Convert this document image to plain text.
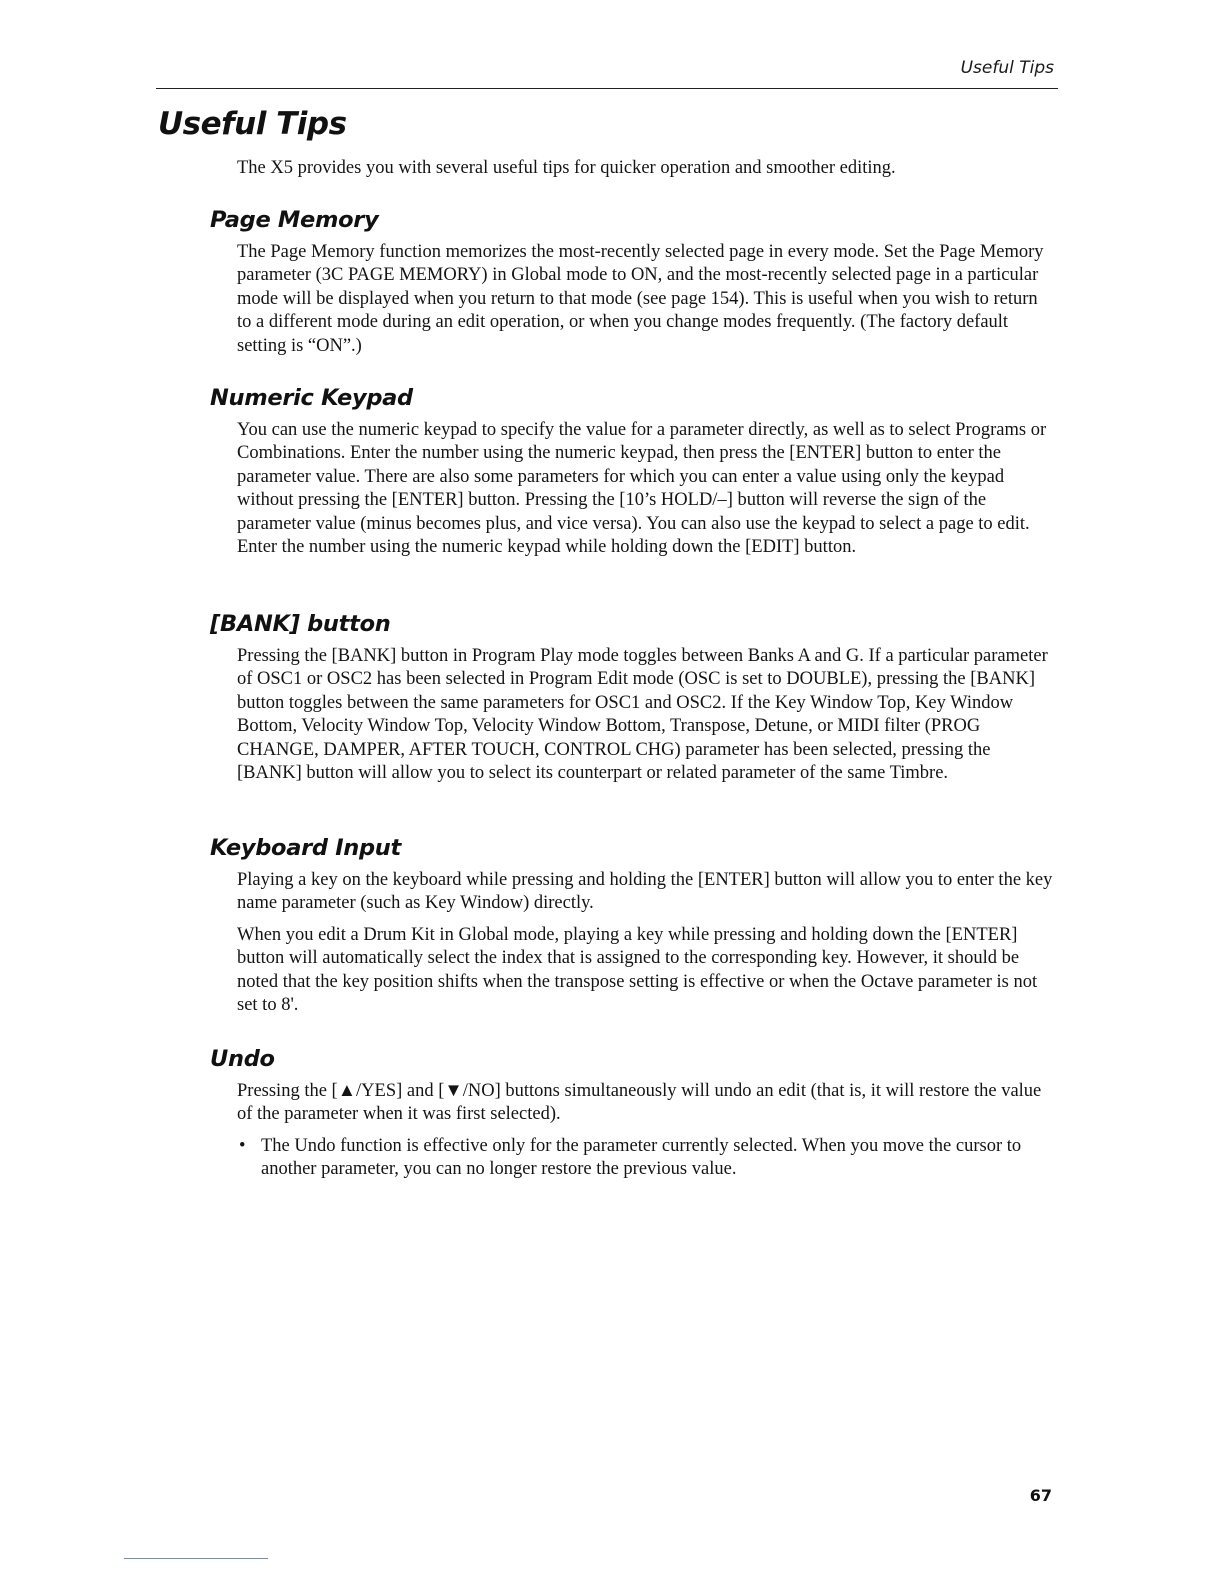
Useful Tips
Useful Tips

The X5 provides you with several useful tips for quicker operation and smoother editing.

Page Memory

The Page Memory function memorizes the most-recently selected page in every mode. Set the Page Memory parameter (3C PAGE MEMORY) in Global mode to ON, and the most-recently selected page in a particular mode will be displayed when you return to that mode (see page 154). This is useful when you wish to return to a different mode during an edit operation, or when you change modes frequently. (The factory default setting is “ON”.)

Numeric Keypad

You can use the numeric keypad to specify the value for a parameter directly, as well as to select Programs or Combinations. Enter the number using the numeric keypad, then press the [ENTER] button to enter the parameter value. There are also some parameters for which you can enter a value using only the keypad without pressing the [ENTER] button. Pressing the [10’s HOLD/–] button will reverse the sign of the parameter value (minus becomes plus, and vice versa). You can also use the keypad to select a page to edit. Enter the number using the numeric keypad while holding down the [EDIT] button.

[BANK] button

Pressing the [BANK] button in Program Play mode toggles between Banks A and G. If a particular parameter of OSC1 or OSC2 has been selected in Program Edit mode (OSC is set to DOUBLE), pressing the [BANK] button toggles between the same parameters for OSC1 and OSC2. If the Key Window Top, Key Window Bottom, Velocity Window Top, Velocity Window Bottom, Transpose, Detune, or MIDI filter (PROG CHANGE, DAMPER, AFTER TOUCH, CONTROL CHG) parameter has been selected, pressing the [BANK] button will allow you to select its counterpart or related parameter of the same Timbre.

Keyboard Input

Playing a key on the keyboard while pressing and holding the [ENTER] button will allow you to enter the key name parameter (such as Key Window) directly.

When you edit a Drum Kit in Global mode, playing a key while pressing and holding down the [ENTER] button will automatically select the index that is assigned to the corresponding key. However, it should be noted that the key position shifts when the transpose setting is effective or when the Octave parameter is not set to 8'.

Undo

Pressing the [▲/YES] and [▼/NO] buttons simultaneously will undo an edit (that is, it will restore the value of the parameter when it was first selected).

• The Undo function is effective only for the parameter currently selected. When you move the cursor to another parameter, you can no longer restore the previous value.
67
